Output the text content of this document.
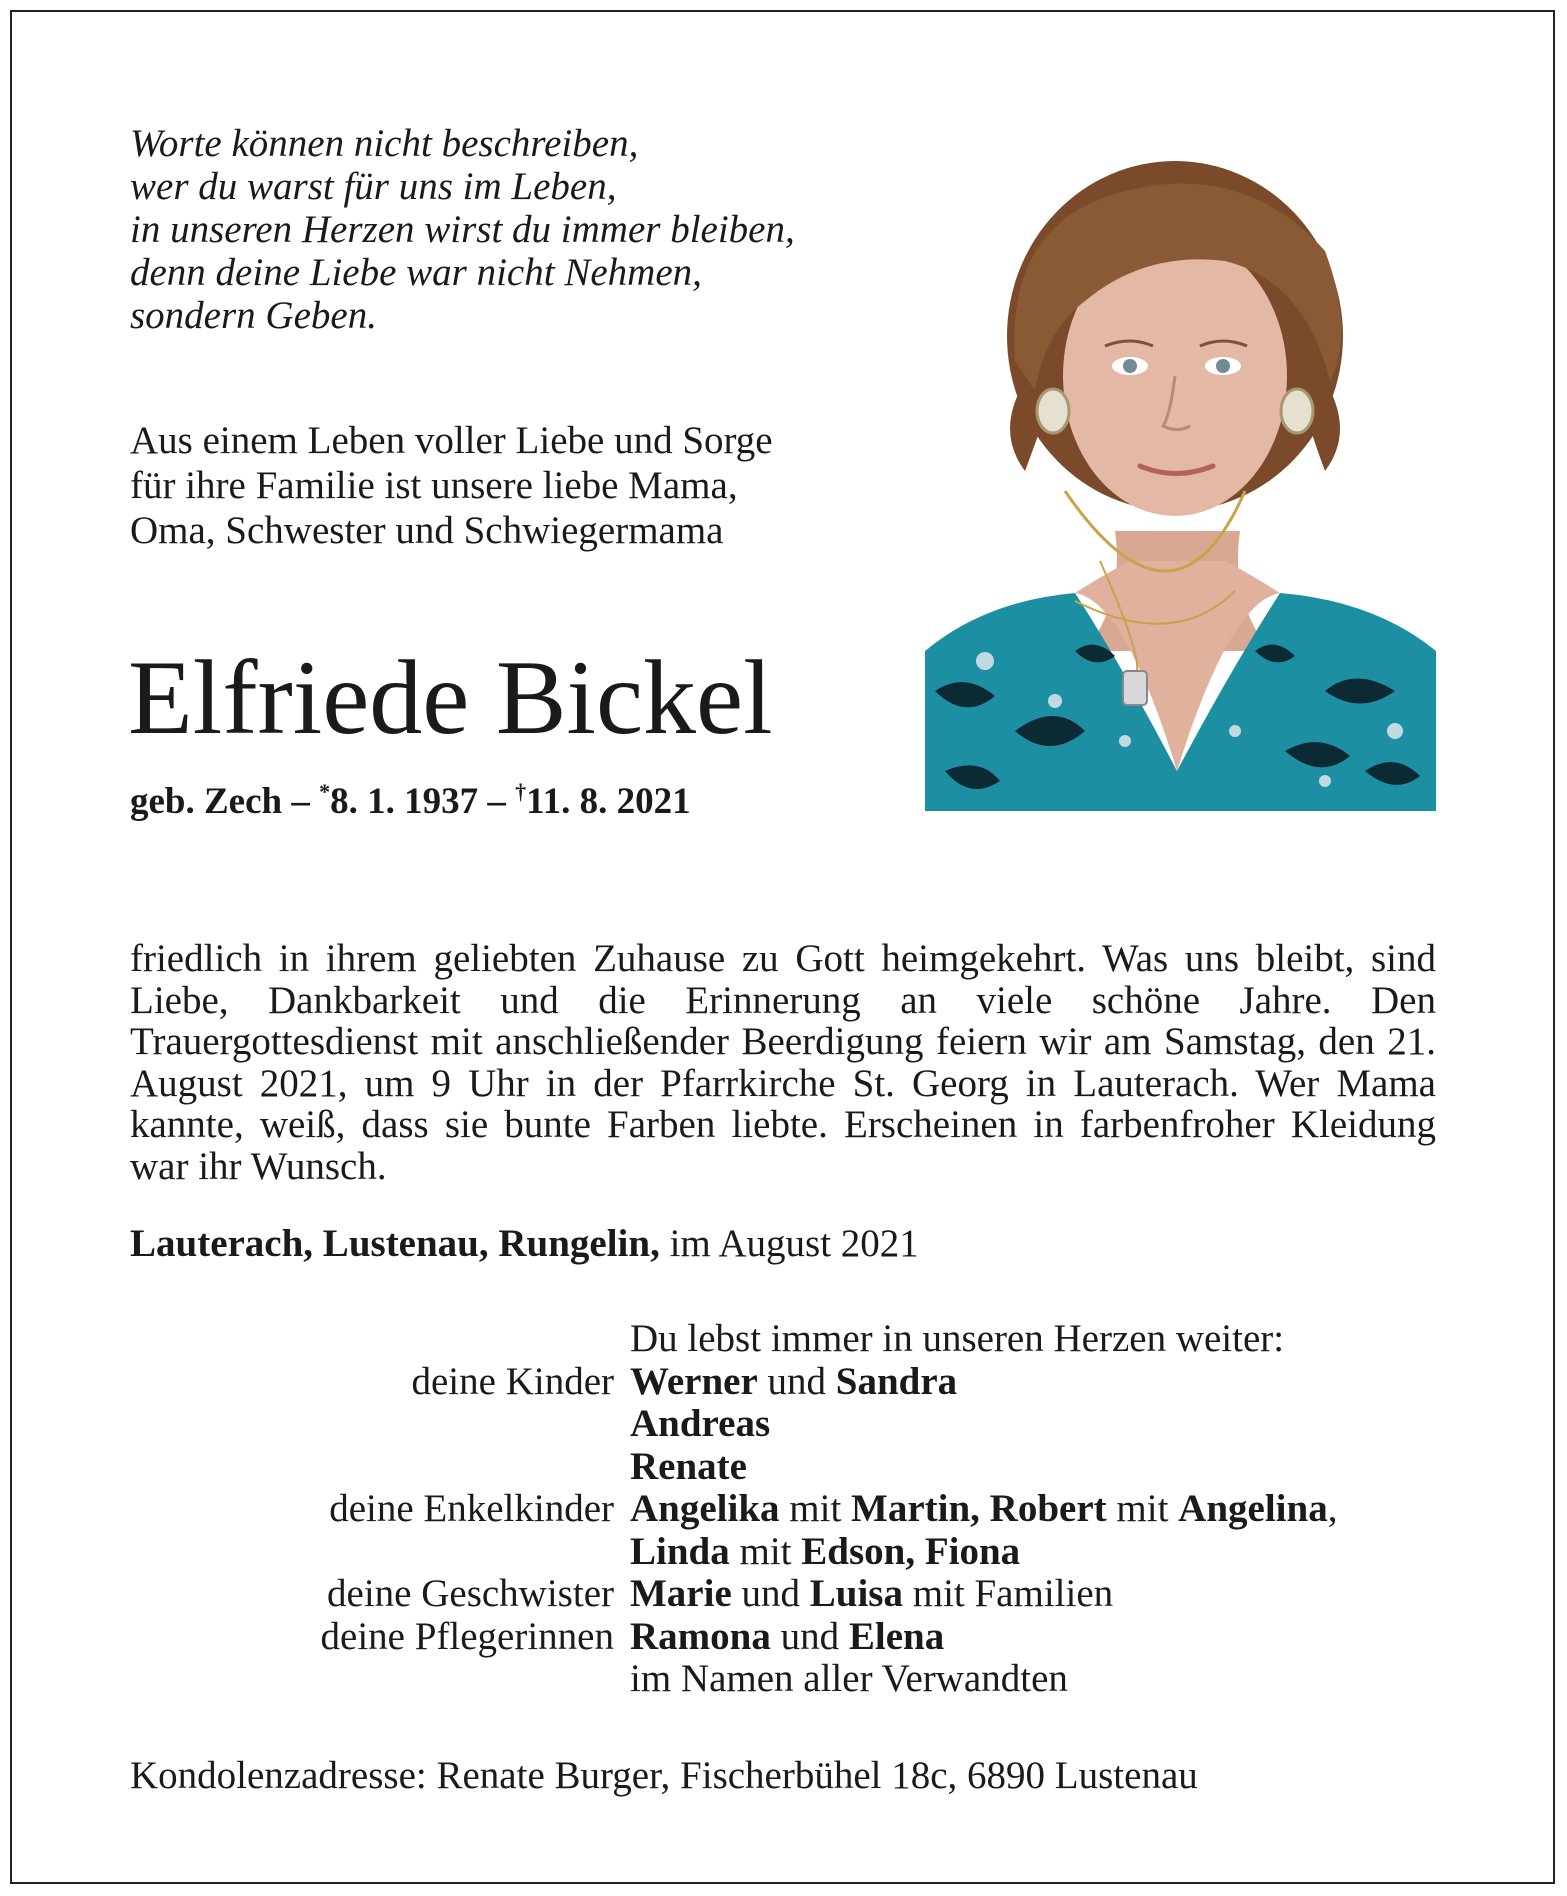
Worte können nicht beschreiben,
wer du warst für uns im Leben,
in unseren Herzen wirst du immer bleiben,
denn deine Liebe war nicht Nehmen,
sondern Geben.
Aus einem Leben voller Liebe und Sorge
für ihre Familie ist unsere liebe Mama,
Oma, Schwester und Schwiegermama
Elfriede Bickel
geb. Zech – *8. 1. 1937 – †11. 8. 2021
friedlich in ihrem geliebten Zuhause zu Gott heimgekehrt. Was uns bleibt, sind Liebe, Dankbarkeit und die Erinnerung an viele schöne Jahre. Den Trauergottesdienst mit anschließender Beerdigung feiern wir am Samstag, den 21. August 2021, um 9 Uhr in der Pfarrkirche St. Georg in Lauterach. Wer Mama kannte, weiß, dass sie bunte Farben liebte. Erscheinen in farbenfroher Kleidung war ihr Wunsch.
Lauterach, Lustenau, Rungelin, im August 2021
Du lebst immer in unseren Herzen weiter:
deine Kinder Werner und Sandra
Andreas
Renate
deine Enkelkinder Angelika mit Martin, Robert mit Angelina,
Linda mit Edson, Fiona
deine Geschwister Marie und Luisa mit Familien
deine Pflegerinnen Ramona und Elena
im Namen aller Verwandten
Kondolenzadresse: Renate Burger, Fischerbühel 18c, 6890 Lustenau
